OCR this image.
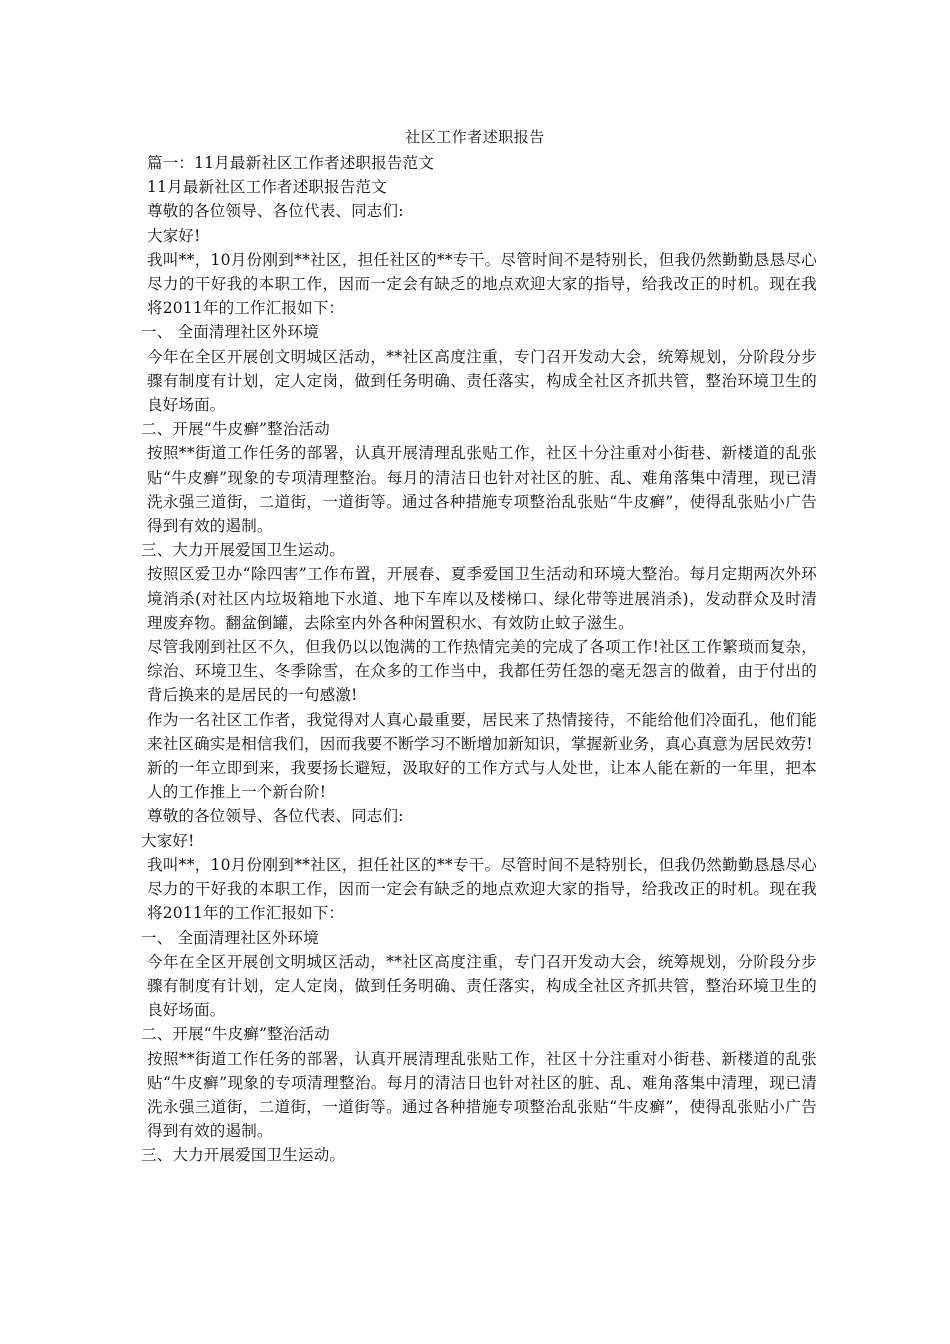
社区工作者述职报告

篇一：11月最新社区工作者述职报告范文

11月最新社区工作者述职报告范文

尊敬的各位领导、各位代表、同志们:

大家好!

我叫**，10月份刚到**社区，担任社区的**专干。尽管时间不是特别长，但我仍然勤勤恳恳尽心尽力的干好我的本职工作，因而一定会有缺乏的地点欢迎大家的指导，给我改正的时机。现在我将2011年的工作汇报如下：

一、 全面清理社区外环境

今年在全区开展创文明城区活动，**社区高度注重，专门召开发动大会，统筹规划，分阶段分步骤有制度有计划，定人定岗，做到任务明确、责任落实，构成全社区齐抓共管，整治环境卫生的良好场面。

二、开展“牛皮癣”整治活动

按照**街道工作任务的部署，认真开展清理乱张贴工作，社区十分注重对小街巷、新楼道的乱张贴“牛皮癣”现象的专项清理整治。每月的清洁日也针对社区的脏、乱、难角落集中清理，现已清洗永强三道街，二道街，一道街等。通过各种措施专项整治乱张贴“牛皮癣”，使得乱张贴小广告得到有效的遏制。

三、大力开展爱国卫生运动。

按照区爱卫办“除四害”工作布置，开展春、夏季爱国卫生活动和环境大整治。每月定期两次外环境消杀(对社区内垃圾箱地下水道、地下车库以及楼梯口、绿化带等进展消杀)，发动群众及时清理废弃物。翻盆倒罐，去除室内外各种闲置积水、有效防止蚊子滋生。

尽管我刚到社区不久，但我仍以以饱满的工作热情完美的完成了各项工作!社区工作繁琐而复杂，综治、环境卫生、冬季除雪，在众多的工作当中，我都任劳任怨的毫无怨言的做着，由于付出的背后换来的是居民的一句感激!

作为一名社区工作者，我觉得对人真心最重要，居民来了热情接待，不能给他们冷面孔，他们能来社区确实是相信我们，因而我要不断学习不断增加新知识，掌握新业务，真心真意为居民效劳!

新的一年立即到来，我要扬长避短，汲取好的工作方式与人处世，让本人能在新的一年里，把本人的工作推上一个新台阶!

尊敬的各位领导、各位代表、同志们:

大家好!

我叫**，10月份刚到**社区，担任社区的**专干。尽管时间不是特别长，但我仍然勤勤恳恳尽心尽力的干好我的本职工作，因而一定会有缺乏的地点欢迎大家的指导，给我改正的时机。现在我将2011年的工作汇报如下：

一、 全面清理社区外环境

今年在全区开展创文明城区活动，**社区高度注重，专门召开发动大会，统筹规划，分阶段分步骤有制度有计划，定人定岗，做到任务明确、责任落实，构成全社区齐抓共管，整治环境卫生的良好场面。

二、开展“牛皮癣”整治活动

按照**街道工作任务的部署，认真开展清理乱张贴工作，社区十分注重对小街巷、新楼道的乱张贴“牛皮癣”现象的专项清理整治。每月的清洁日也针对社区的脏、乱、难角落集中清理，现已清洗永强三道街，二道街，一道街等。通过各种措施专项整治乱张贴“牛皮癣”，使得乱张贴小广告得到有效的遏制。

三、大力开展爱国卫生运动。
